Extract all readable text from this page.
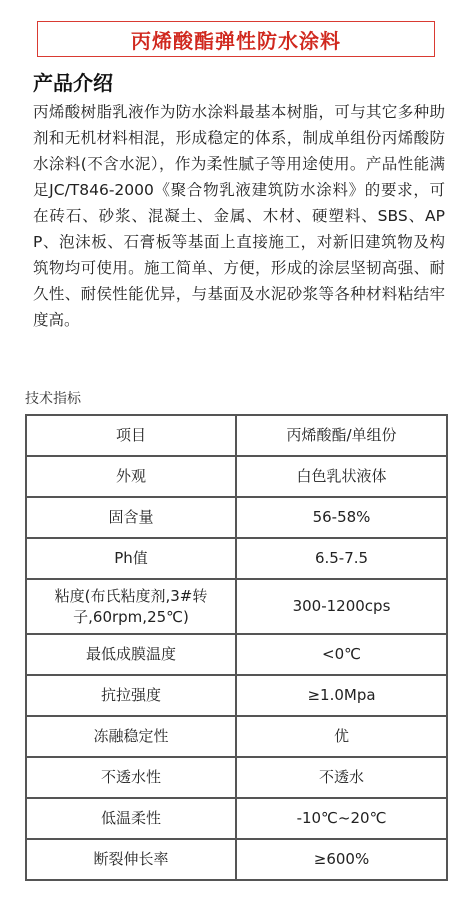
丙烯酸酯弹性防水涂料
产品介绍

丙烯酸树脂乳液作为防水涂料最基本树脂，可与其它多种助剂和无机材料相混，形成稳定的体系，制成单组份丙烯酸防水涂料(不含水泥），作为柔性腻子等用途使用。产品性能满足JC/T846-2000《聚合物乳液建筑防水涂料》的要求，可在砖石、砂浆、混凝土、金属、木材、硬塑料、SBS、APP、泡沫板、石膏板等基面上直接施工，对新旧建筑物及构筑物均可使用。施工简单、方便，形成的涂层坚韧高强、耐久性、耐侯性能优异，与基面及水泥砂浆等各种材料粘结牢度高。

技术指标
项目	丙烯酸酯/单组份
外观	白色乳状液体
固含量	56-58%
Ph值	6.5-7.5
粘度(布氏粘度剂,3#转子,60rpm,25℃)	300-1200cps
最低成膜温度	<0℃
抗拉强度	≥1.0Mpa
冻融稳定性	优
不透水性	不透水
低温柔性	-10℃~20℃
断裂伸长率	≥600%
